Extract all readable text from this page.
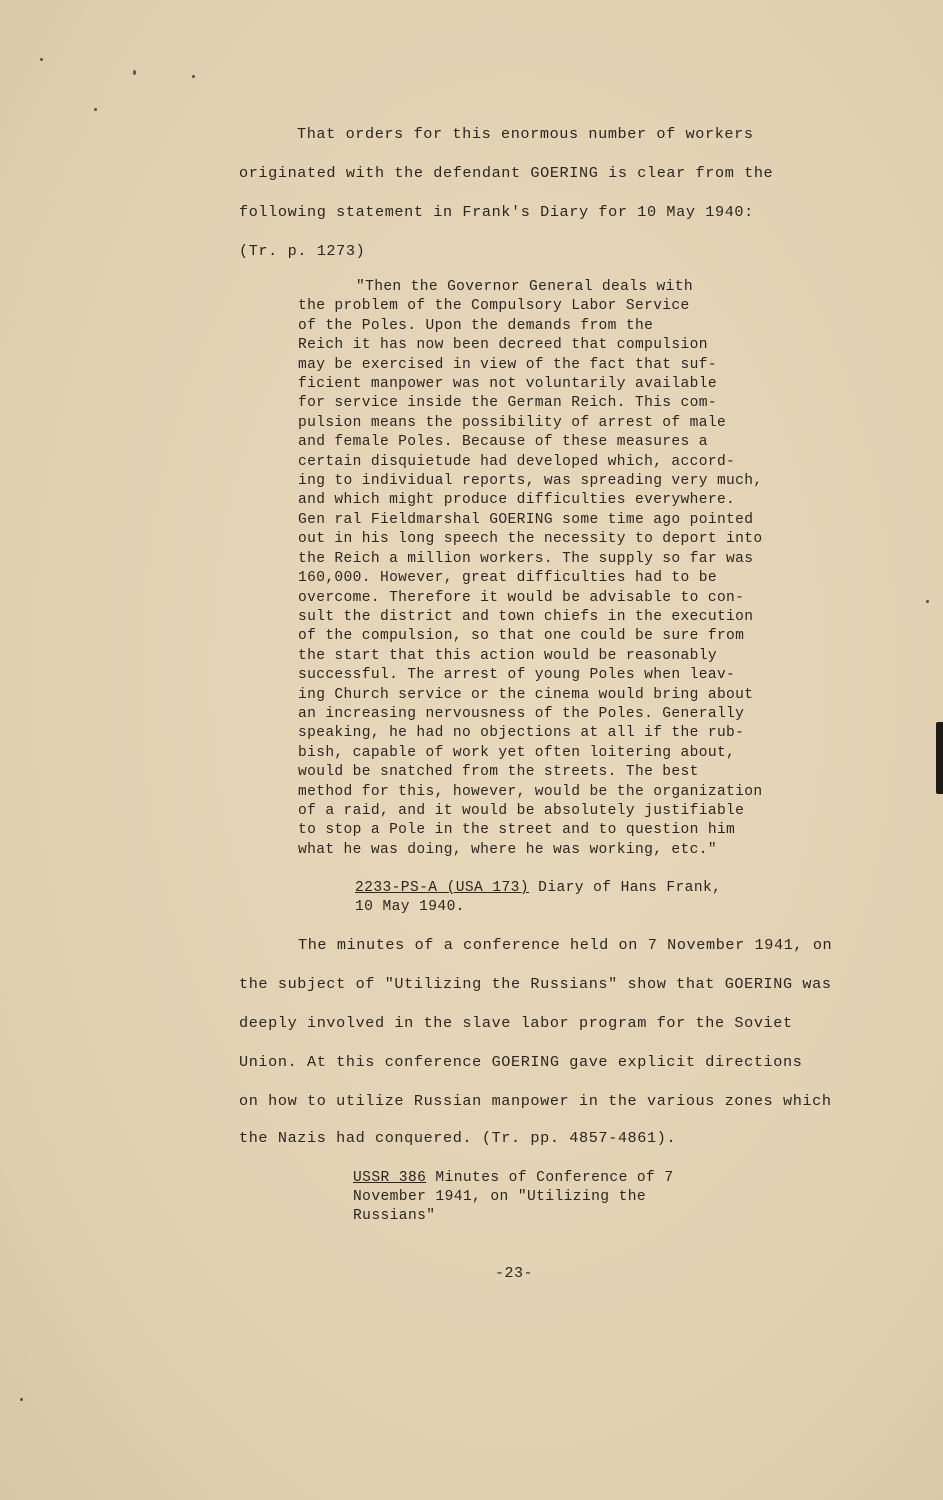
That orders for this enormous number of workers
originated with the defendant GOERING is clear from the
following statement in Frank's Diary for 10 May 1940:
(Tr. p. 1273)
"Then the Governor General deals with
the problem of the Compulsory Labor Service
of the Poles. Upon the demands from the
Reich it has now been decreed that compulsion
may be exercised in view of the fact that suf-
ficient manpower was not voluntarily available
for service inside the German Reich. This com-
pulsion means the possibility of arrest of male
and female Poles. Because of these measures a
certain disquietude had developed which, accord-
ing to individual reports, was spreading very much,
and which might produce difficulties everywhere.
Gen ral Fieldmarshal GOERING some time ago pointed
out in his long speech the necessity to deport into
the Reich a million workers. The supply so far was
160,000. However, great difficulties had to be
overcome. Therefore it would be advisable to con-
sult the district and town chiefs in the execution
of the compulsion, so that one could be sure from
the start that this action would be reasonably
successful. The arrest of young Poles when leav-
ing Church service or the cinema would bring about
an increasing nervousness of the Poles. Generally
speaking, he had no objections at all if the rub-
bish, capable of work yet often loitering about,
would be snatched from the streets. The best
method for this, however, would be the organization
of a raid, and it would be absolutely justifiable
to stop a Pole in the street and to question him
what he was doing, where he was working, etc."
2233-PS-A (USA 173) Diary of Hans Frank,
10 May 1940.
The minutes of a conference held on 7 November 1941, on
the subject of "Utilizing the Russians" show that GOERING was
deeply involved in the slave labor program for the Soviet
Union. At this conference GOERING gave explicit directions
on how to utilize Russian manpower in the various zones which
the Nazis had conquered. (Tr. pp. 4857-4861).
USSR 386 Minutes of Conference of 7
November 1941, on "Utilizing the
Russians"
-23-
